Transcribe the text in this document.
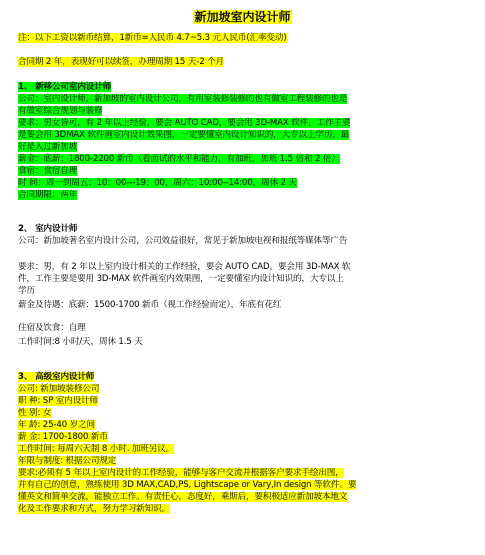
新加坡室内设计师
注：以下工资以新币结算，1新币=人民币 4.7~5.3 元人民币(汇率变动)
合同期 2 年，表现好可以续签，办理周期 15 天-2 个月
1、 新移公司室内设计师
公司：室内设计师，新加坡的室内设计公司，有用室装修装修的也有做室工程装修的也是
有做室综合规划与装修
要求：男女皆可，有 2 年以上经验，要会 AUTO CAD，要会用 3D-MAX 软件，工作主要
是要会用 3DMAX 软件画室内设计效果图，一定要懂室内设计知识的，大专以上学历，最
好是入过新加坡
薪金：底薪：1800-2200 新币（看面试的水平和能力，有加班，加班 1.5 倍和 2 倍）
食宿：食宿自理
时 间：周一到周五：10：00---19：00，周六：10:00--14:00，周休 2 天
合同期限：两年
2、 室内设计师
公司：新加坡著名室内设计公司，公司效益很好，常见于新加坡电视和报纸等媒体等广告
要求：男，有 2 年以上室内设计相关的工作经验，要会 AUTO CAD，要会用 3D-MAX 软
件，工作主要是要用 3D-MAX 软件画室内效果图，一定要懂室内设计知识的，大专以上
学历
薪金及待遇：底薪：1500-1700 新币（视工作经验而定），年底有花红
住宿及饮食：自理
工作时间:8 小时/天，周休 1.5 天
3、 高级室内设计师
公司: 新加坡装修公司
职 种: SP 室内设计师
性 别: 女
年 龄: 25-40 岁之间
薪 金: 1700-1800 新币
工作时间: 每周六天制 8 小时. 加班另议。
年限与制度: 根据公司规定
要求:必须有 5 年以上室内设计的工作经验，能够与客户交流并根据客户要求手绘出图，
并有自己的创意，熟练使用 3D MAX,CAD,PS, Lightscape or Vary,In design 等软件。要
懂英文和简单交流，能独立工作。有责任心，态度好，乘斯后，要积极适应新加坡本地文
化及工作要求和方式，努力学习新知识。
